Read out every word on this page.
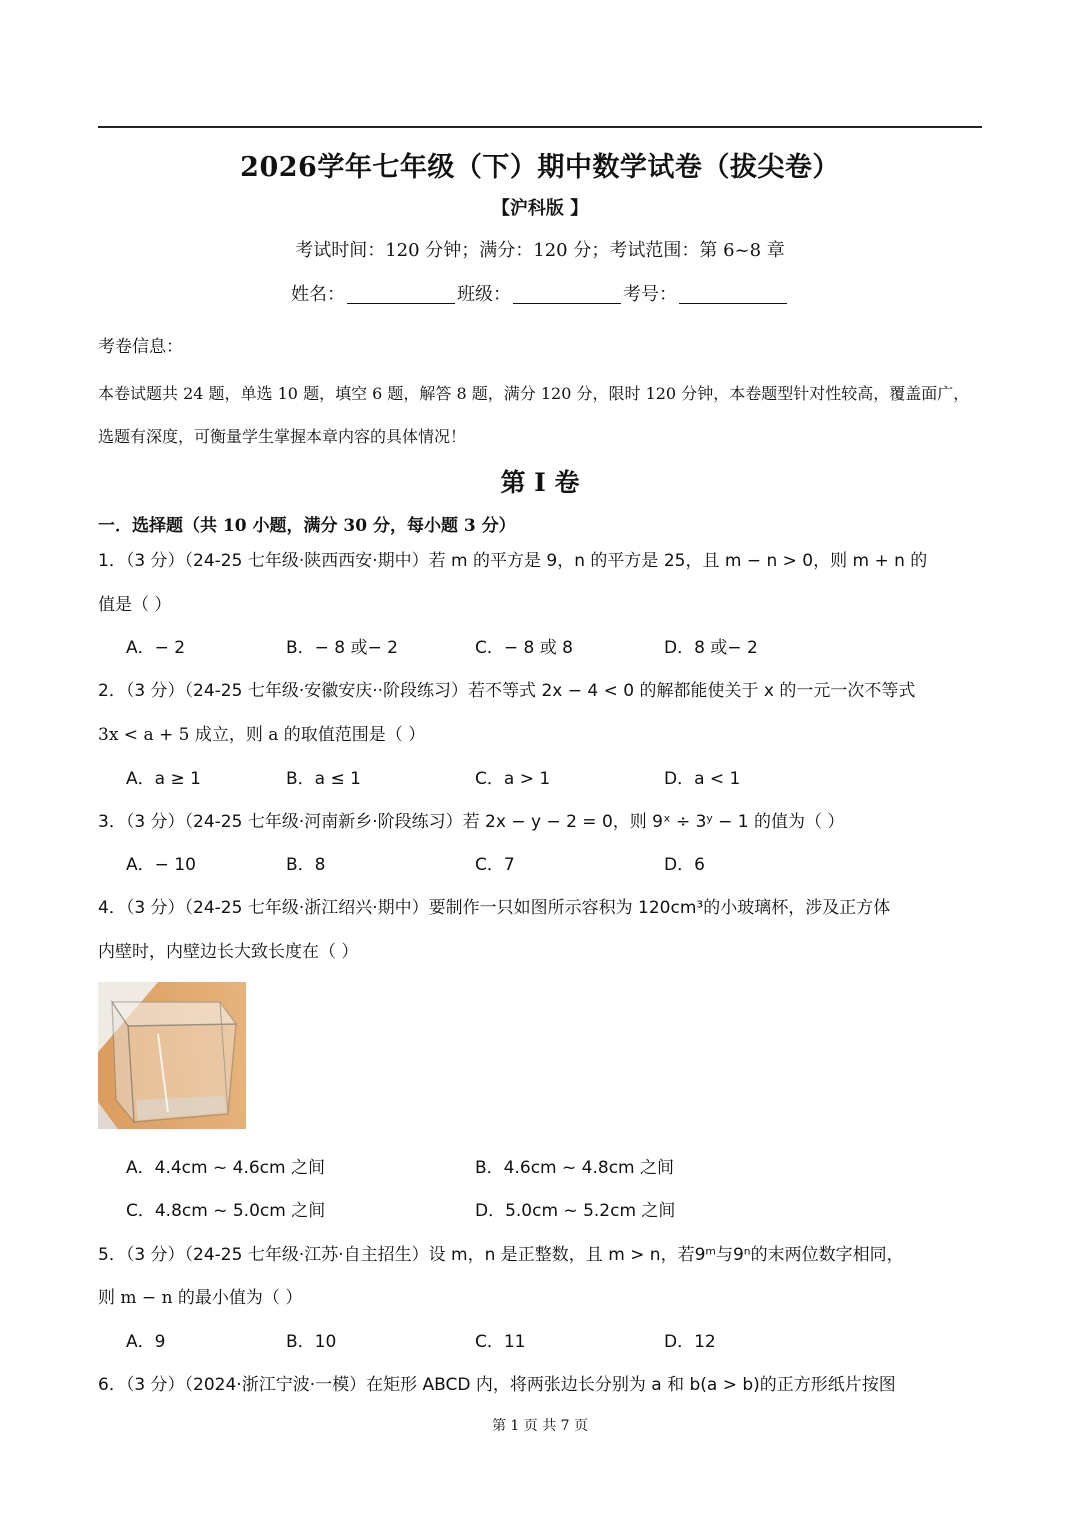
2026学年七年级（下）期中数学试卷（拔尖卷）
【沪科版 】
考试时间：120 分钟；满分：120 分；考试范围：第 6~8 章
姓名：	班级：	考号：
考卷信息：
本卷试题共 24 题，单选 10 题，填空 6 题，解答 8 题，满分 120 分，限时 120 分钟，本卷题型针对性较高，覆盖面广，选题有深度，可衡量学生掌握本章内容的具体情况！
第 I 卷
一．选择题（共 10 小题，满分 30 分，每小题 3 分）
1．（3 分）（24-25 七年级·陕西西安·期中）若 m 的平方是 9，n 的平方是 25，且 m − n > 0，则 m + n 的
值是（ ）
A．− 2	B．− 8 或− 2	C．− 8 或 8	D．8 或− 2
2．（3 分）（24-25 七年级·安徽安庆··阶段练习）若不等式 2x − 4 < 0 的解都能使关于 x 的一元一次不等式
3x < a + 5 成立，则 a 的取值范围是（ ）
A．a ≥ 1	B．a ≤ 1	C．a > 1	D．a < 1
3．（3 分）（24-25 七年级·河南新乡·阶段练习）若 2x − y − 2 = 0，则 9ˣ ÷ 3ʸ − 1 的值为（ ）
A．− 10	B．8	C．7	D．6
4．（3 分）（24-25 七年级·浙江绍兴·期中）要制作一只如图所示容积为 120cm³的小玻璃杯，涉及正方体
内壁时，内壁边长大致长度在（ ）
A．4.4cm ~ 4.6cm 之间	B．4.6cm ~ 4.8cm 之间
C．4.8cm ~ 5.0cm 之间	D．5.0cm ~ 5.2cm 之间
5．（3 分）（24-25 七年级·江苏·自主招生）设 m，n 是正整数，且 m > n，若9ᵐ与9ⁿ的末两位数字相同，
则 m − n 的最小值为（ ）
A．9	B．10	C．11	D．12
6．（3 分）（2024·浙江宁波·一模）在矩形 ABCD 内，将两张边长分别为 a 和 b(a > b)的正方形纸片按图
第 1 页 共 7 页
